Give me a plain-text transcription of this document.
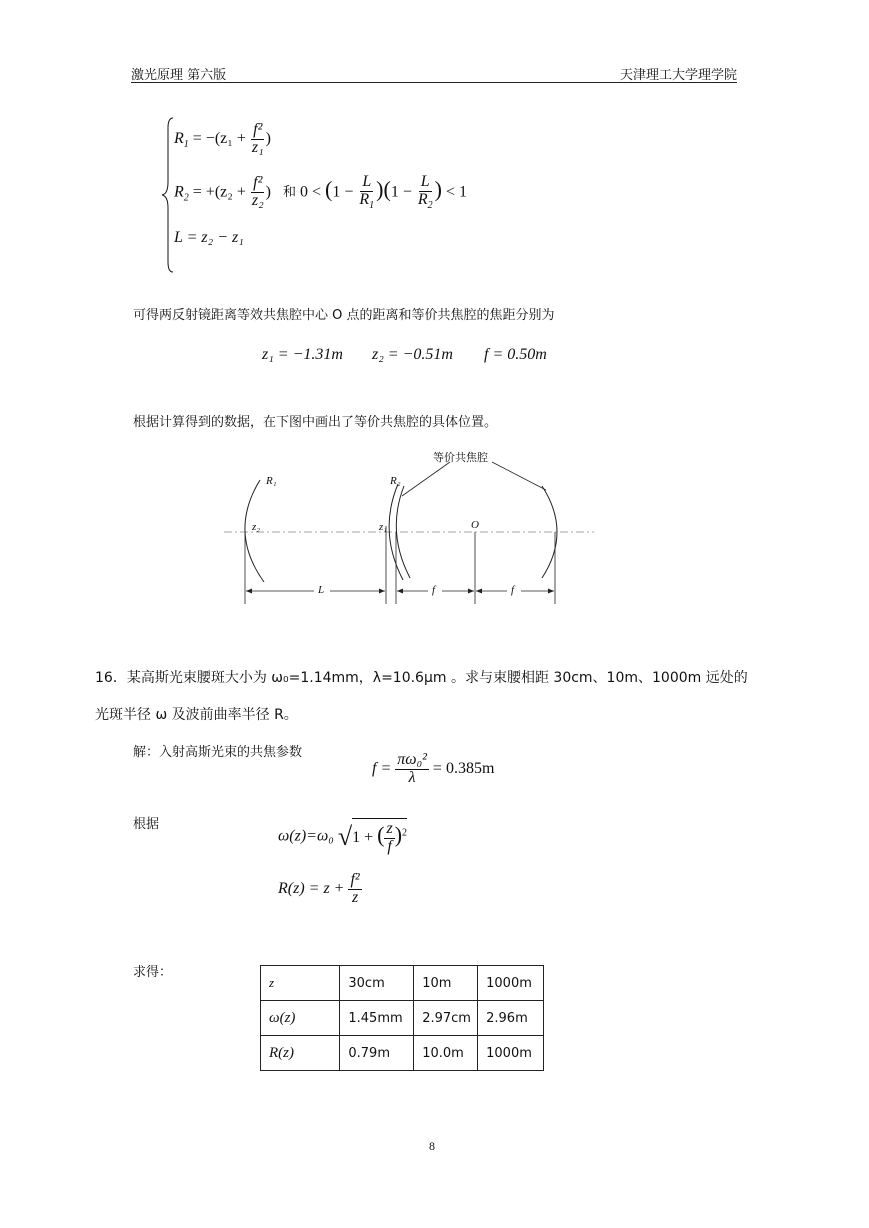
激光原理 第六版	天津理工大学理学院
$R_1 = -(z_1 + \frac{\text{f²}}{\text{z₁}}$ )
$R_2 = +(z_2 + \frac{\text{f²}}{\text{z₂}}$ ) 和 $0 < (1 - \frac{L}{R_1} )(1 - \frac{L}{R_2}$ ) < 1
L = z₂ − z₁
可得两反射镜距离等效共焦腔中心 O 点的距离和等价共焦腔的焦距分别为
z₁ = −1.31m z₂ = −0.51m f = 0.50m
根据计算得到的数据，在下图中画出了等价共焦腔的具体位置。
等价共焦腔
R₁	R₂
z₂	z₁	O
L	f	f
16．某高斯光束腰斑大小为 ω₀=1.14mm，λ=10.6μm 。求与束腰相距 30cm、10m、1000m 远处的
光斑半径 ω 及波前曲率半径 R。
解：入射高斯光束的共焦参数
$f = \frac{\text{πω₀²}}{\lambda} = 0.385m$
根据
ω(z)=ω₀ √1 + ( $\frac{z}{f} )^2$
$R(z) = z + \frac{\text{f²}}{z}$
求得：
z	30cm	10m	1000m
ω(z)	1.45mm	2.97cm	2.96m
R(z)	0.79m	10.0m	1000m
8
